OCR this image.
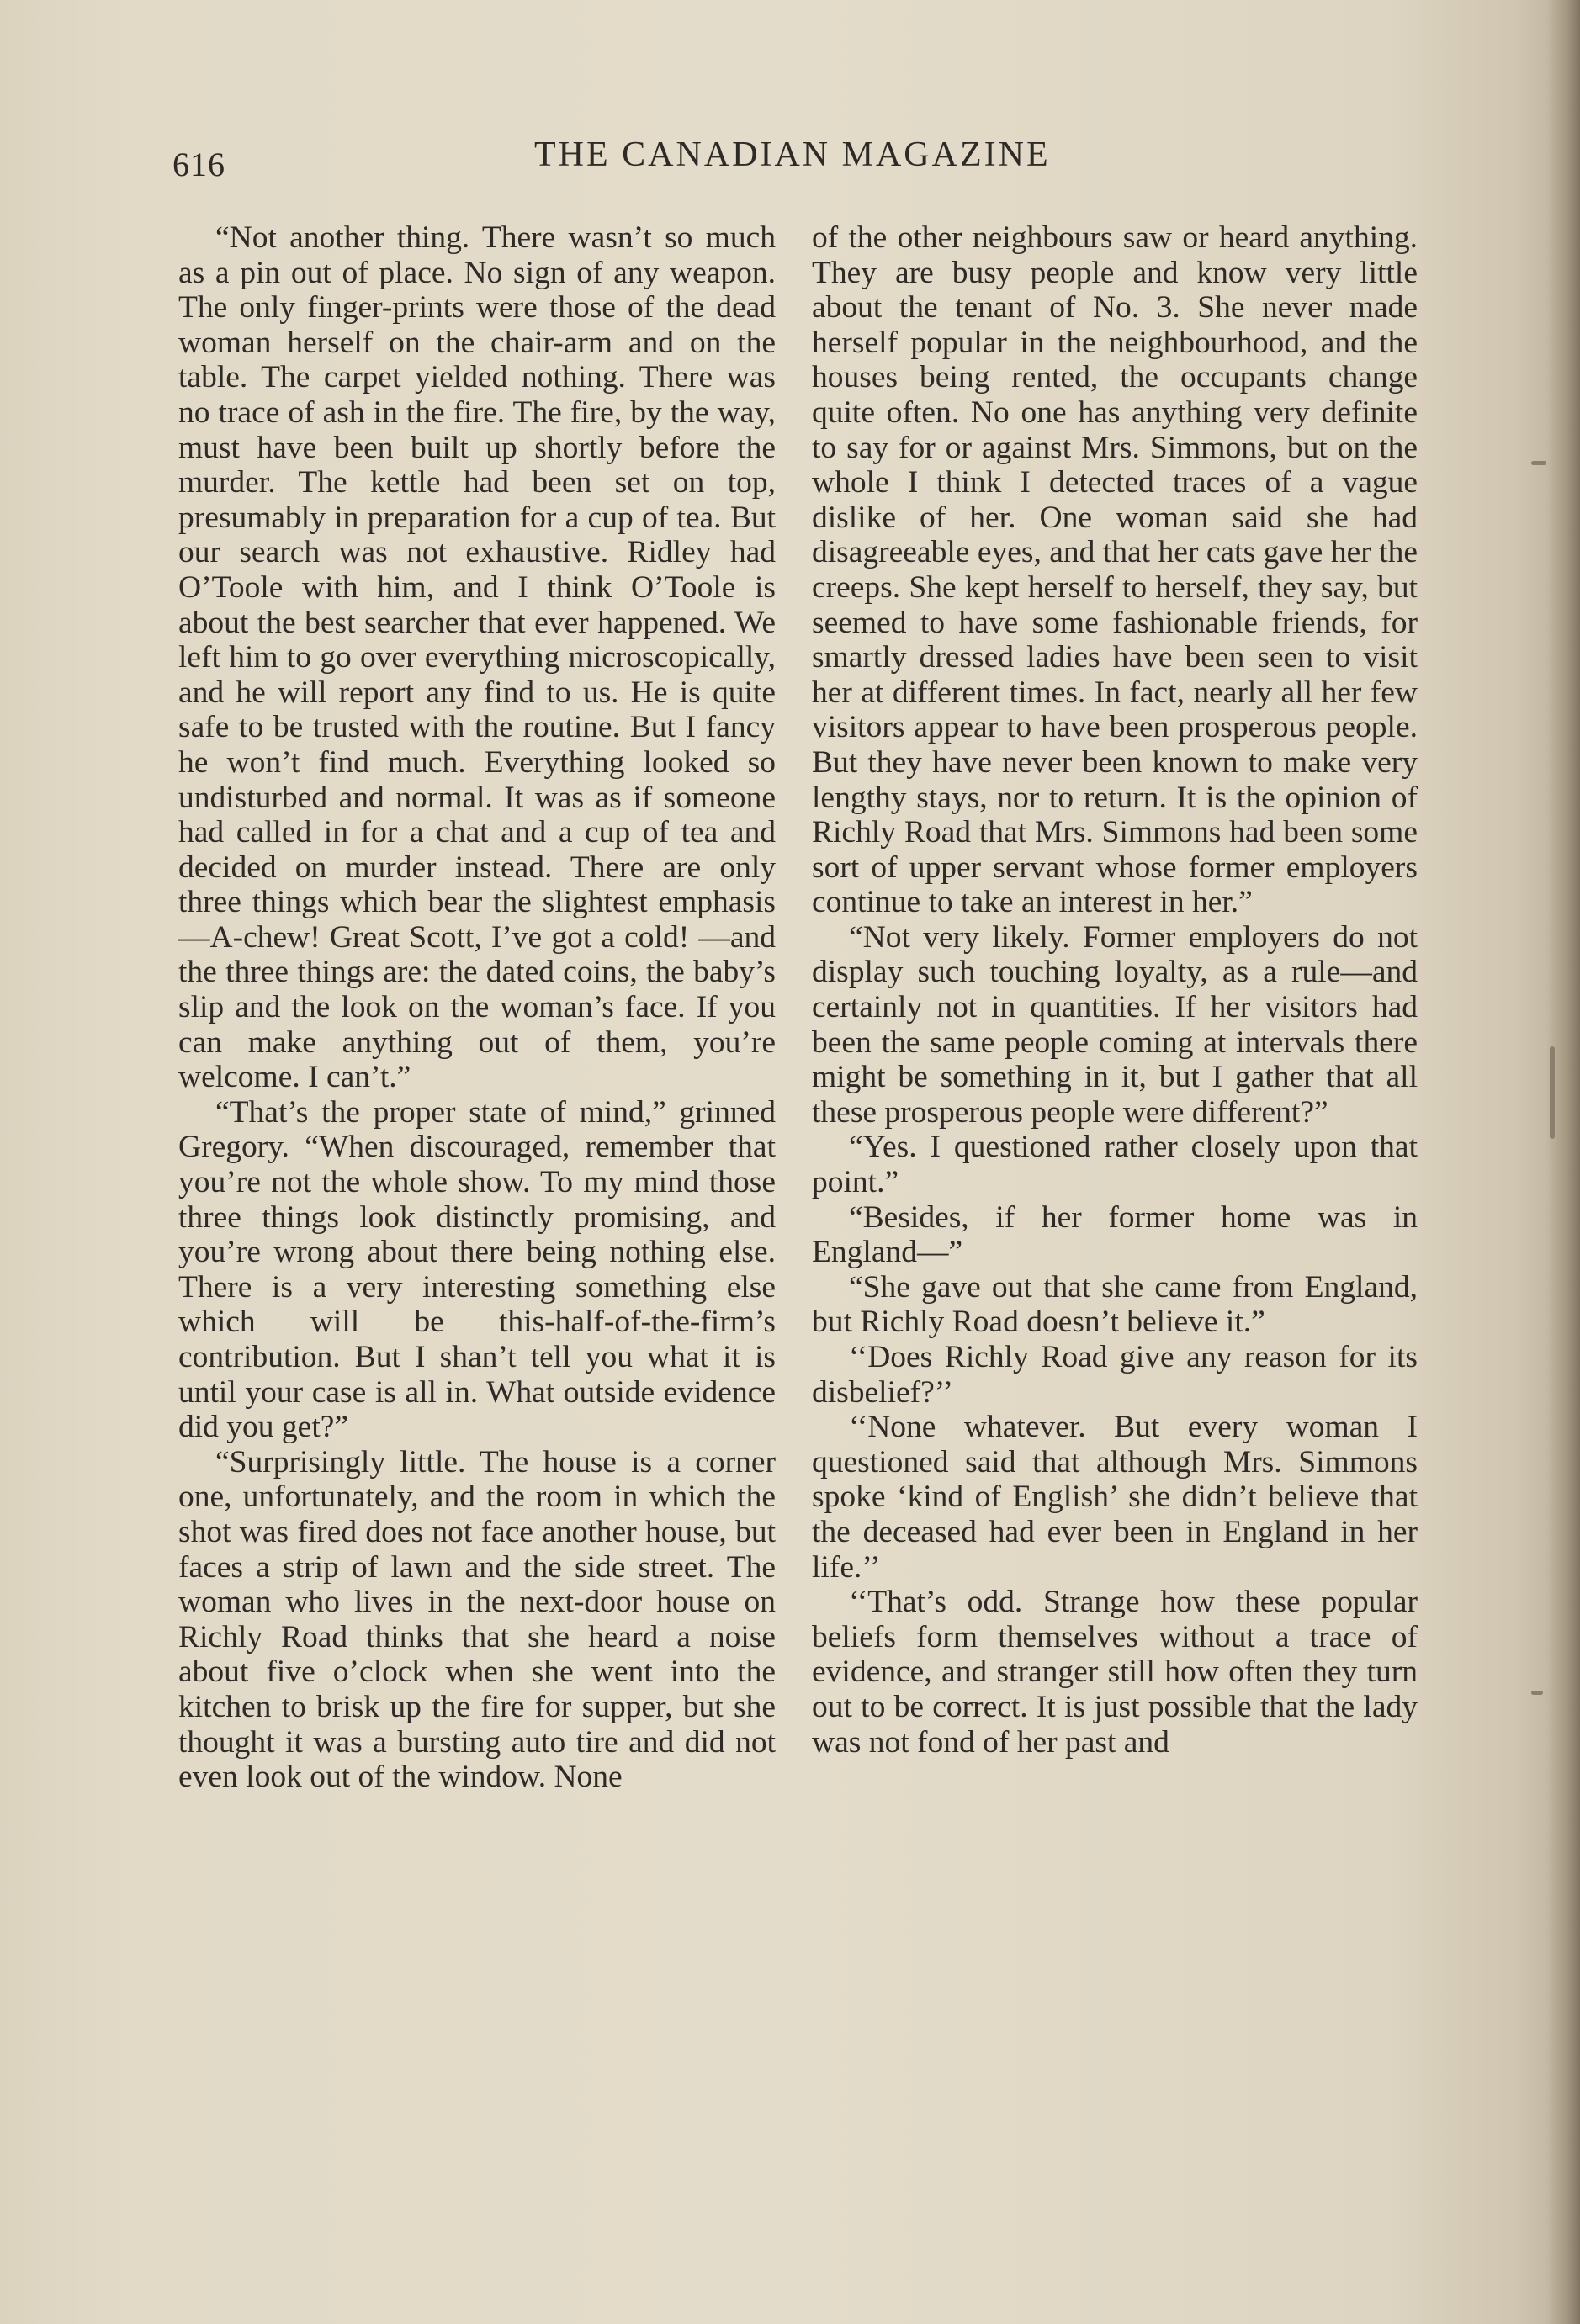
616	THE CANADIAN MAGAZINE

“Not another thing. There wasn’t so much as a pin out of place. No sign of any weapon. The only finger-prints were those of the dead woman herself on the chair-arm and on the table. The carpet yielded nothing. There was no trace of ash in the fire. The fire, by the way, must have been built up shortly before the murder. The kettle had been set on top, presumably in preparation for a cup of tea. But our search was not exhaustive. Ridley had O’Toole with him, and I think O’Toole is about the best searcher that ever happened. We left him to go over everything microscopically, and he will report any find to us. He is quite safe to be trusted with the routine. But I fancy he won’t find much. Everything looked so undisturbed and normal. It was as if someone had called in for a chat and a cup of tea and decided on murder instead. There are only three things which bear the slightest emphasis—A-chew! Great Scott, I’ve got a cold! —and the three things are: the dated coins, the baby’s slip and the look on the woman’s face. If you can make anything out of them, you’re welcome. I can’t.”

“That’s the proper state of mind,” grinned Gregory. “When discouraged, remember that you’re not the whole show. To my mind those three things look distinctly promising, and you’re wrong about there being nothing else. There is a very interesting something else which will be this-half-of-the-firm’s contribution. But I shan’t tell you what it is until your case is all in. What outside evidence did you get?”

“Surprisingly little. The house is a corner one, unfortunately, and the room in which the shot was fired does not face another house, but faces a strip of lawn and the side street. The woman who lives in the next-door house on Richly Road thinks that she heard a noise about five o’clock when she went into the kitchen to brisk up the fire for supper, but she thought it was a bursting auto tire and did not even look out of the window. None

of the other neighbours saw or heard anything. They are busy people and know very little about the tenant of No. 3. She never made herself popular in the neighbourhood, and the houses being rented, the occupants change quite often. No one has anything very definite to say for or against Mrs. Simmons, but on the whole I think I detected traces of a vague dislike of her. One woman said she had disagreeable eyes, and that her cats gave her the creeps. She kept herself to herself, they say, but seemed to have some fashionable friends, for smartly dressed ladies have been seen to visit her at different times. In fact, nearly all her few visitors appear to have been prosperous people. But they have never been known to make very lengthy stays, nor to return. It is the opinion of Richly Road that Mrs. Simmons had been some sort of upper servant whose former employers continue to take an interest in her.”

“Not very likely. Former employers do not display such touching loyalty, as a rule—and certainly not in quantities. If her visitors had been the same people coming at intervals there might be something in it, but I gather that all these prosperous people were different?”

“Yes. I questioned rather closely upon that point.”

“Besides, if her former home was in England—”

“She gave out that she came from England, but Richly Road doesn’t believe it.”

‘‘Does Richly Road give any reason for its disbelief?’’

‘‘None whatever. But every woman I questioned said that although Mrs. Simmons spoke ‘kind of English’ she didn’t believe that the deceased had ever been in England in her life.’’

‘‘That’s odd. Strange how these popular beliefs form themselves without a trace of evidence, and stranger still how often they turn out to be correct. It is just possible that the lady was not fond of her past and
